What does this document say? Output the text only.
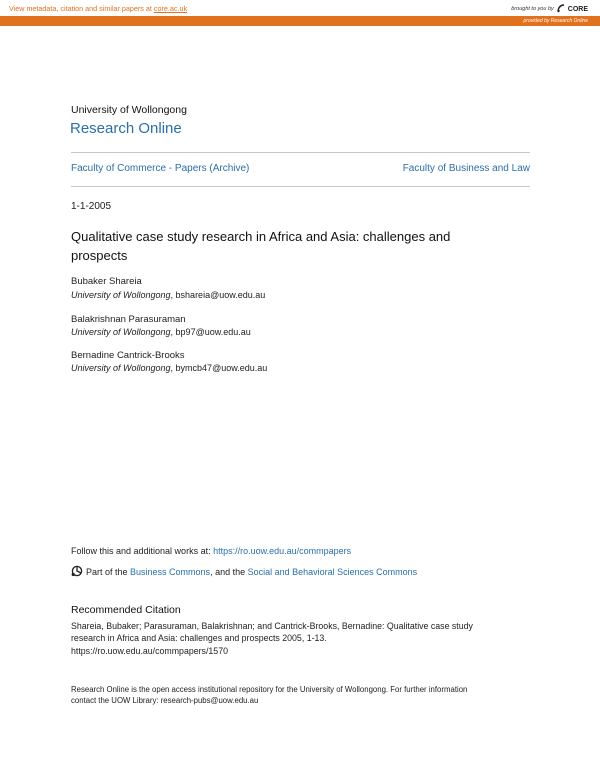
View metadata, citation and similar papers at core.ac.uk	brought to you by CORE
provided by Research Online
University of Wollongong
Research Online
Faculty of Commerce - Papers (Archive)	Faculty of Business and Law
1-1-2005
Qualitative case study research in Africa and Asia: challenges and prospects
Bubaker Shareia
University of Wollongong, bshareia@uow.edu.au
Balakrishnan Parasuraman
University of Wollongong, bp97@uow.edu.au
Bernadine Cantrick-Brooks
University of Wollongong, bymcb47@uow.edu.au
Follow this and additional works at: https://ro.uow.edu.au/commpapers
Part of the Business Commons, and the Social and Behavioral Sciences Commons
Recommended Citation
Shareia, Bubaker; Parasuraman, Balakrishnan; and Cantrick-Brooks, Bernadine: Qualitative case study
research in Africa and Asia: challenges and prospects 2005, 1-13.
https://ro.uow.edu.au/commpapers/1570
Research Online is the open access institutional repository for the University of Wollongong. For further information
contact the UOW Library: research-pubs@uow.edu.au
